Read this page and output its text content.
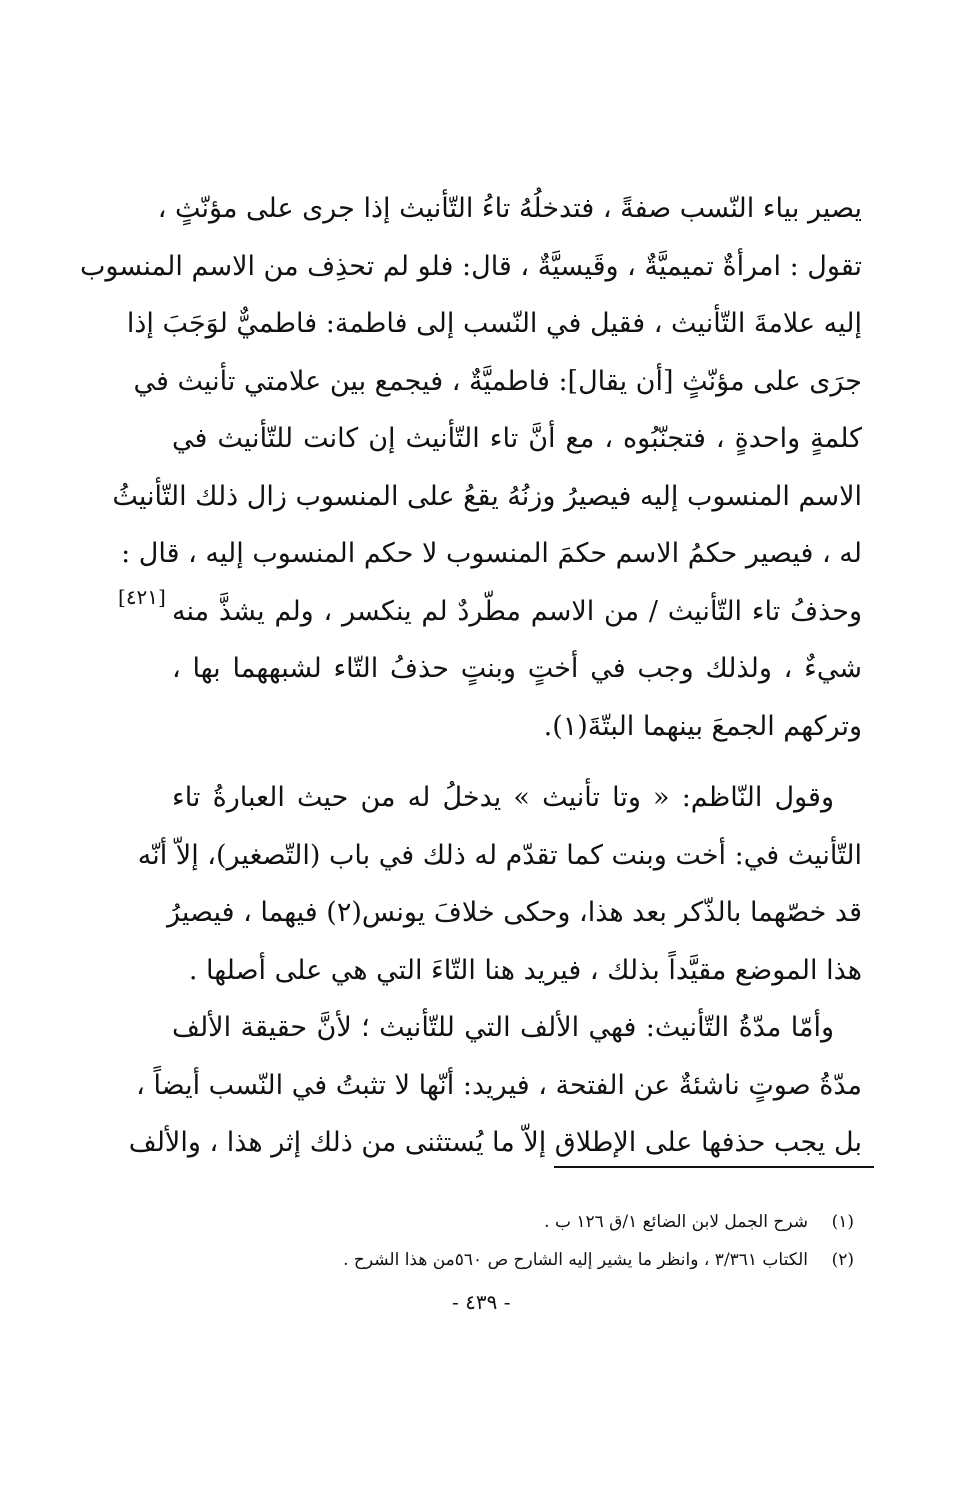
يصير بياء النّسب صفةً ، فتدخلُهُ تاءُ التّأنيث إذا جرى على مؤنّثٍ ،
تقول : امرأةٌ تميميَّةٌ ، وقَيسيَّةٌ ، قال: فلو لم تحذِف من الاسم المنسوب
إليه علامةَ التّأنيث ، فقيل في النّسب إلى فاطمة: فاطميٌّ لوَجَبَ إذا
جرَى على مؤنّثٍ [أن يقال]: فاطميَّةٌ ، فيجمع بين علامتي تأنيث في
كلمةٍ واحدةٍ ، فتجنّبُوه ، مع أنَّ تاء التّأنيث إن كانت للتّأنيث في
الاسم المنسوب إليه فيصيرُ وزنُهُ يقعُ على المنسوب زال ذلك التّأنيثُ
له ، فيصير حكمُ الاسم حكمَ المنسوب لا حكم المنسوب إليه ، قال :
وحذفُ تاء التّأنيث / من الاسم مطّردٌ لم ينكسر ، ولم يشذَّ منه
شيءٌ ، ولذلك وجب في أختٍ وبنتٍ حذفُ التّاء لشبههما بها ،
وتركهم الجمعَ بينهما البتّةَ(١).
وقول النّاظم: « وتا تأنيث » يدخلُ له من حيث العبارةُ تاء
التّأنيث في: أخت وبنت كما تقدّم له ذلك في باب (التّصغير)، إلاّ أنّه
قد خصّهما بالذّكر بعد هذا، وحكى خلافَ يونس(٢) فيهما ، فيصيرُ
هذا الموضع مقيَّداً بذلك ، فيريد هنا التّاءَ التي هي على أصلها .
وأمّا مدّةُ التّأنيث: فهي الألف التي للتّأنيث ؛ لأنَّ حقيقة الألف
مدّةُ صوتٍ ناشئةٌ عن الفتحة ، فيريد: أنّها لا تثبتُ في النّسب أيضاً ،
بل يجب حذفها على الإطلاق إلاّ ما يُستثنى من ذلك إثر هذا ، والألف
[٤٢١]
(١)
شرح الجمل لابن الضائع ١/ق ١٢٦ ب .
(٢)
الكتاب ٣/٣٦١ ، وانظر ما يشير إليه الشارح ص ٥٦٠من هذا الشرح .
- ٤٣٩ -
